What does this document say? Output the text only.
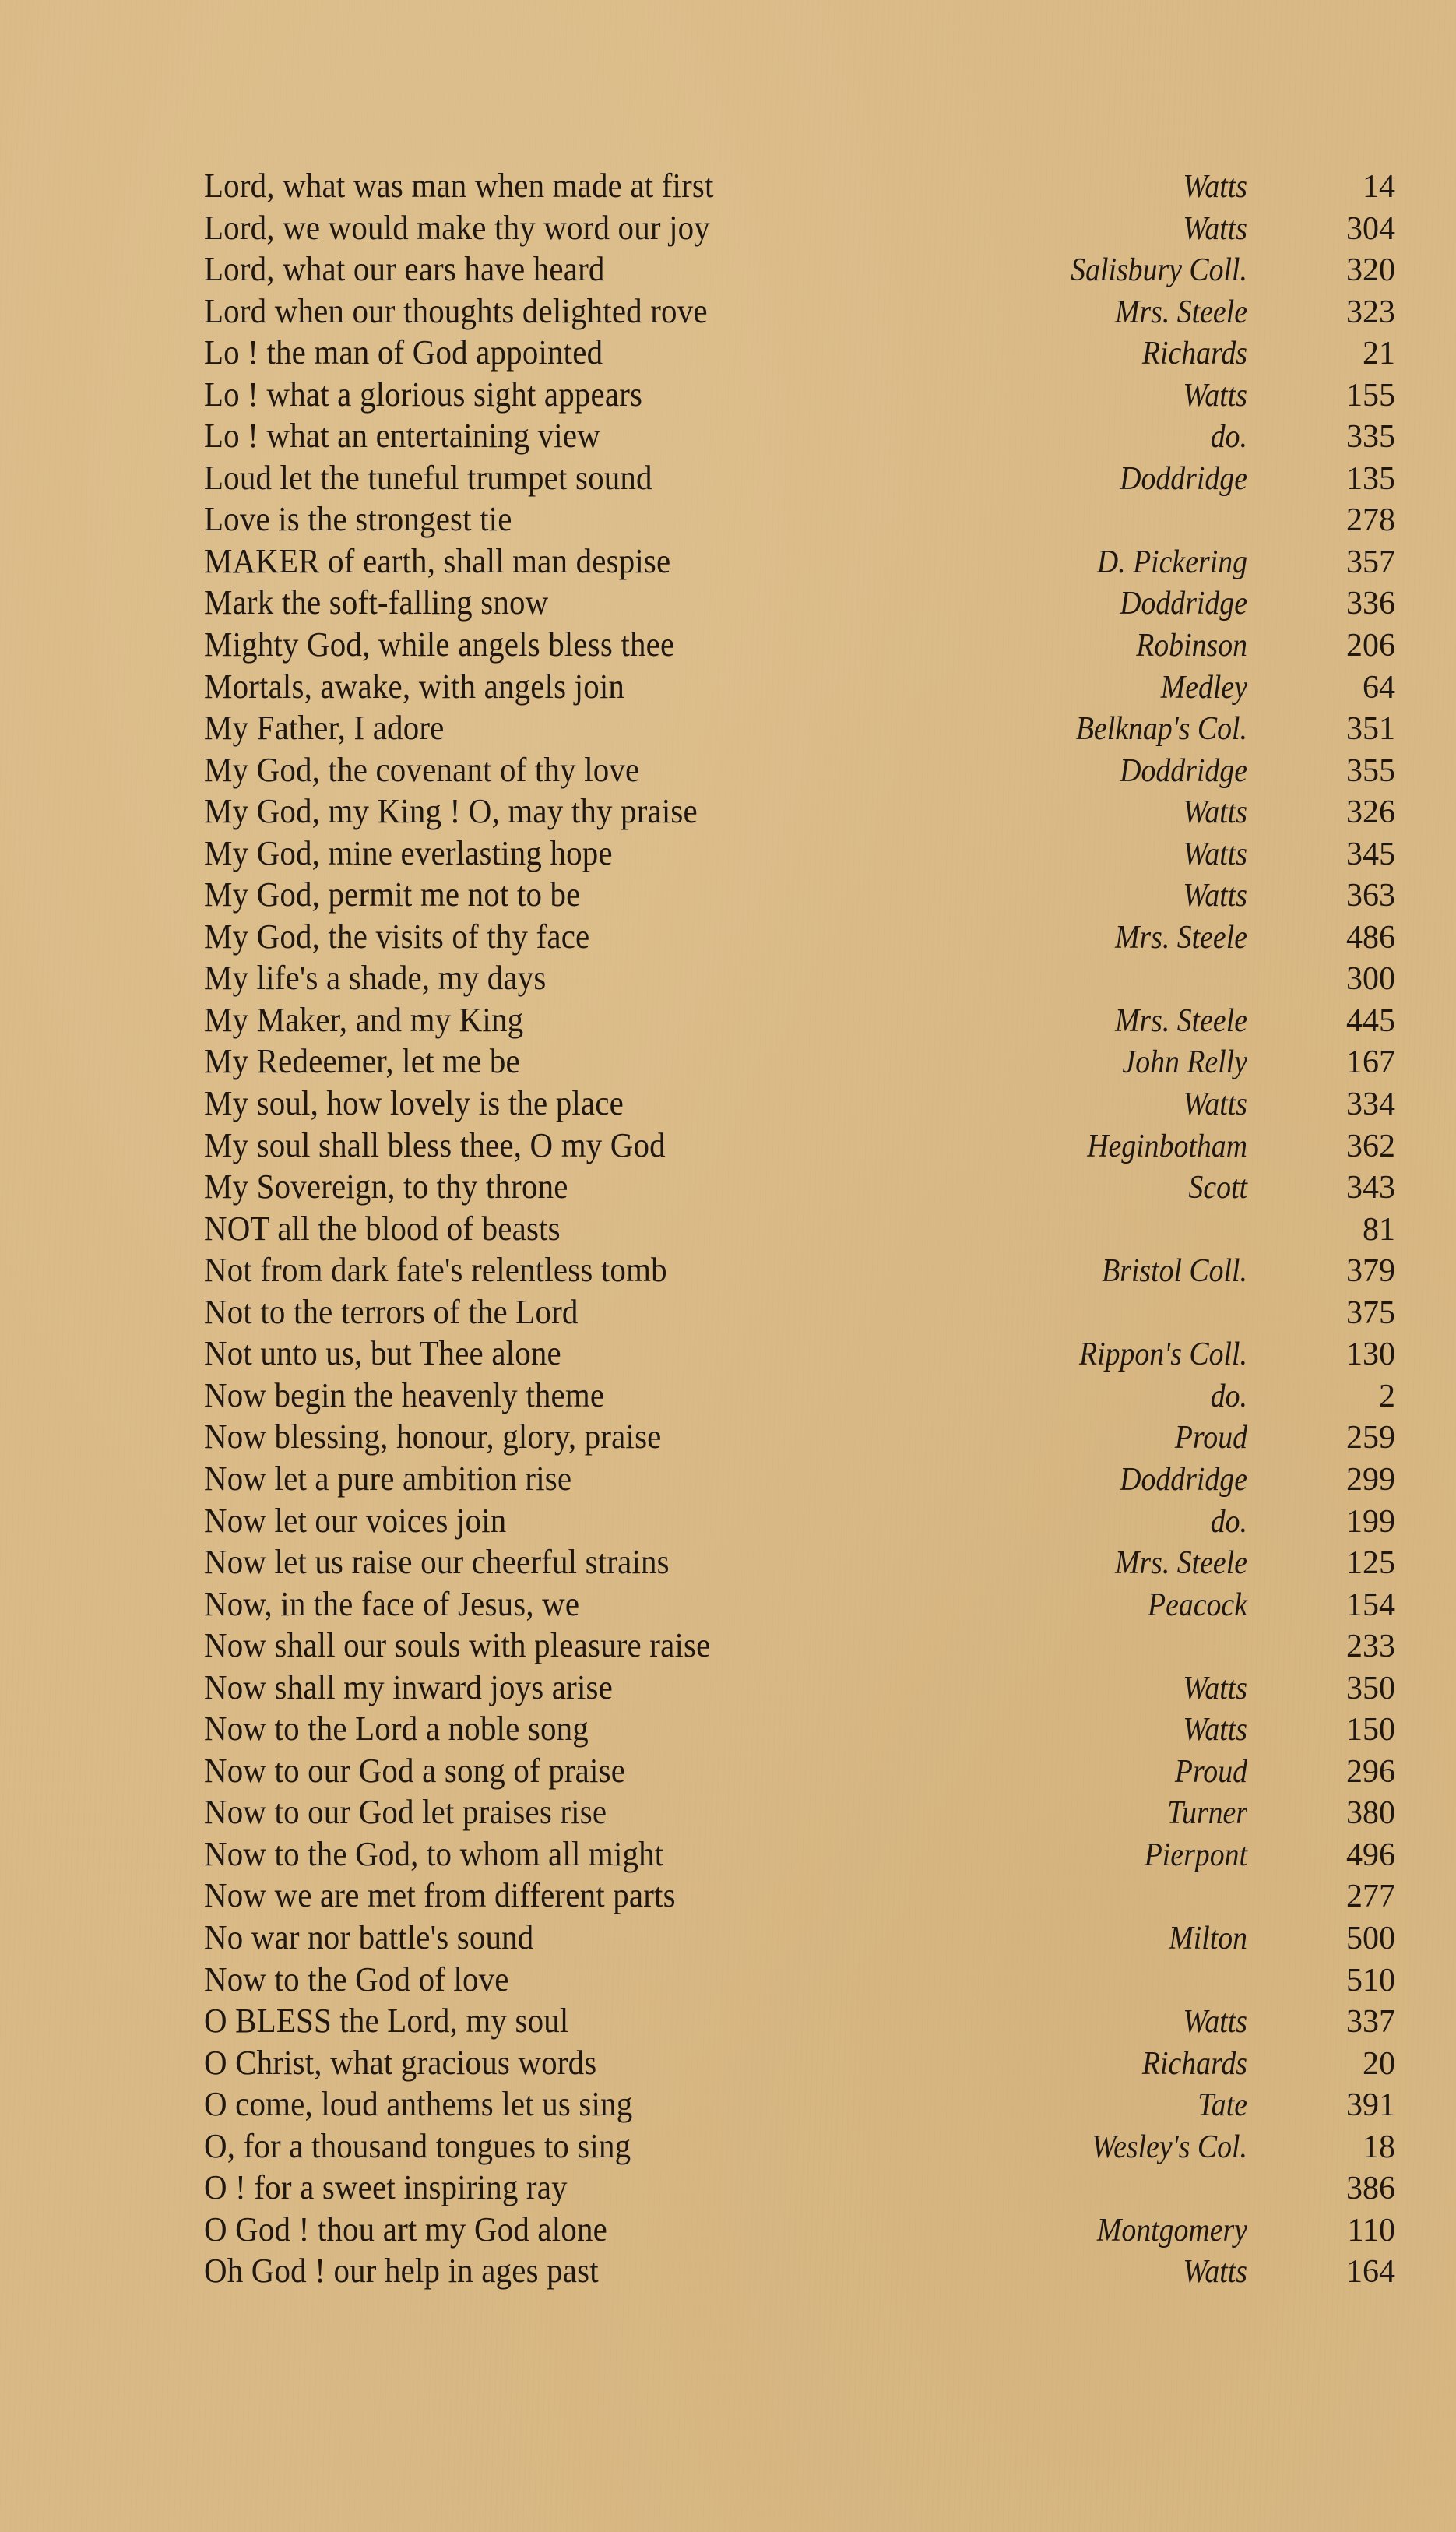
Lord, what was man when made at first	Watts	14
Lord, we would make thy word our joy	Watts	304
Lord, what our ears have heard	Salisbury Coll.	320
Lord when our thoughts delighted rove	Mrs. Steele	323
Lo ! the man of God appointed	Richards	21
Lo ! what a glorious sight appears	Watts	155
Lo ! what an entertaining view	do.	335
Loud let the tuneful trumpet sound	Doddridge	135
Love is the strongest tie	278
MAKER of earth, shall man despise	D. Pickering	357
Mark the soft-falling snow	Doddridge	336
Mighty God, while angels bless thee	Robinson	206
Mortals, awake, with angels join	Medley	64
My Father, I adore	Belknap's Col.	351
My God, the covenant of thy love	Doddridge	355
My God, my King ! O, may thy praise	Watts	326
My God, mine everlasting hope	Watts	345
My God, permit me not to be	Watts	363
My God, the visits of thy face	Mrs. Steele	486
My life's a shade, my days	300
My Maker, and my King	Mrs. Steele	445
My Redeemer, let me be	John Relly	167
My soul, how lovely is the place	Watts	334
My soul shall bless thee, O my God	Heginbotham	362
My Sovereign, to thy throne	Scott	343
NOT all the blood of beasts	81
Not from dark fate's relentless tomb	Bristol Coll.	379
Not to the terrors of the Lord	375
Not unto us, but Thee alone	Rippon's Coll.	130
Now begin the heavenly theme	do.	2
Now blessing, honour, glory, praise	Proud	259
Now let a pure ambition rise	Doddridge	299
Now let our voices join	do.	199
Now let us raise our cheerful strains	Mrs. Steele	125
Now, in the face of Jesus, we	Peacock	154
Now shall our souls with pleasure raise	233
Now shall my inward joys arise	Watts	350
Now to the Lord a noble song	Watts	150
Now to our God a song of praise	Proud	296
Now to our God let praises rise	Turner	380
Now to the God, to whom all might	Pierpont	496
Now we are met from different parts	277
No war nor battle's sound	Milton	500
Now to the God of love	510
O BLESS the Lord, my soul	Watts	337
O Christ, what gracious words	Richards	20
O come, loud anthems let us sing	Tate	391
O, for a thousand tongues to sing	Wesley's Col.	18
O ! for a sweet inspiring ray	386
O God ! thou art my God alone	Montgomery	110
Oh God ! our help in ages past	Watts	164
